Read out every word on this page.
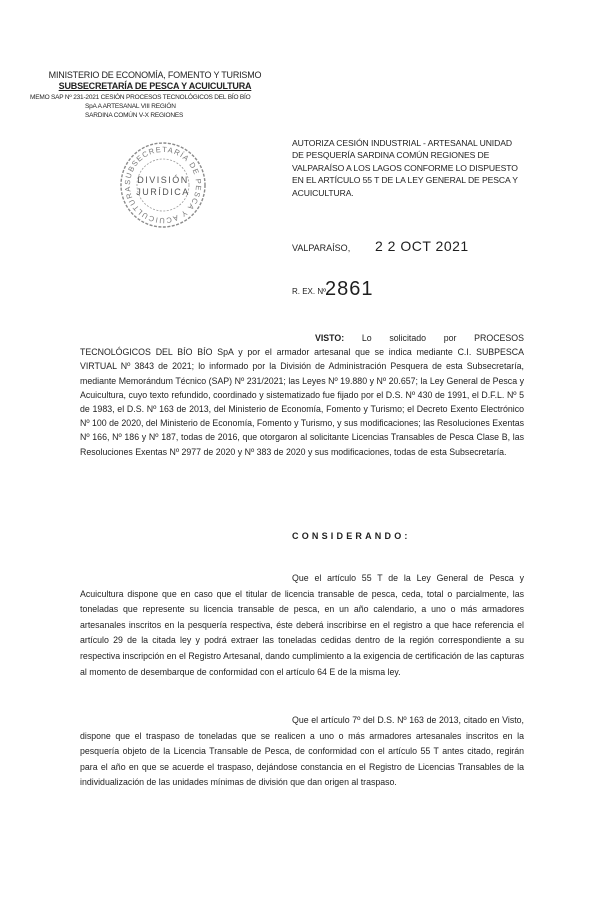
MINISTERIO DE ECONOMÍA, FOMENTO Y TURISMO
SUBSECRETARÍA DE PESCA Y ACUICULTURA
MEMO SAP Nº 231-2021 CESIÓN PROCESOS TECNOLÓGICOS DEL BÍO BÍO
SpA A ARTESANAL VIII REGIÓN
SARDINA COMÚN V-X REGIONES
SUBSECRETARÍA DE PESCA Y ACUICULTURA
DIVISIÓN
JURÍDICA
AUTORIZA CESIÓN INDUSTRIAL - ARTESANAL UNIDAD DE PESQUERÍA SARDINA COMÚN REGIONES DE VALPARAÍSO A LOS LAGOS CONFORME LO DISPUESTO EN EL ARTÍCULO 55 T DE LA LEY GENERAL DE PESCA Y ACUICULTURA.
VALPARAÍSO, 2 2 OCT 2021
R. EX. Nº
2861
VISTO: Lo solicitado por PROCESOS TECNOLÓGICOS DEL BÍO BÍO SpA y por el armador artesanal que se indica mediante C.I. SUBPESCA VIRTUAL Nº 3843 de 2021; lo informado por la División de Administración Pesquera de esta Subsecretaría, mediante Memorándum Técnico (SAP) Nº 231/2021; las Leyes Nº 19.880 y Nº 20.657; la Ley General de Pesca y Acuicultura, cuyo texto refundido, coordinado y sistematizado fue fijado por el D.S. Nº 430 de 1991, el D.F.L. Nº 5 de 1983, el D.S. Nº 163 de 2013, del Ministerio de Economía, Fomento y Turismo; el Decreto Exento Electrónico Nº 100 de 2020, del Ministerio de Economía, Fomento y Turismo, y sus modificaciones; las Resoluciones Exentas Nº 166, Nº 186 y Nº 187, todas de 2016, que otorgaron al solicitante Licencias Transables de Pesca Clase B, las Resoluciones Exentas Nº 2977 de 2020 y Nº 383 de 2020 y sus modificaciones, todas de esta Subsecretaría.
CONSIDERANDO:
Que el artículo 55 T de la Ley General de Pesca y Acuicultura dispone que en caso que el titular de licencia transable de pesca, ceda, total o parcialmente, las toneladas que represente su licencia transable de pesca, en un año calendario, a uno o más armadores artesanales inscritos en la pesquería respectiva, éste deberá inscribirse en el registro a que hace referencia el artículo 29 de la citada ley y podrá extraer las toneladas cedidas dentro de la región correspondiente a su respectiva inscripción en el Registro Artesanal, dando cumplimiento a la exigencia de certificación de las capturas al momento de desembarque de conformidad con el artículo 64 E de la misma ley.
Que el artículo 7º del D.S. Nº 163 de 2013, citado en Visto, dispone que el traspaso de toneladas que se realicen a uno o más armadores artesanales inscritos en la pesquería objeto de la Licencia Transable de Pesca, de conformidad con el artículo 55 T antes citado, regirán para el año en que se acuerde el traspaso, dejándose constancia en el Registro de Licencias Transables de la individualización de las unidades mínimas de división que dan origen al traspaso.
